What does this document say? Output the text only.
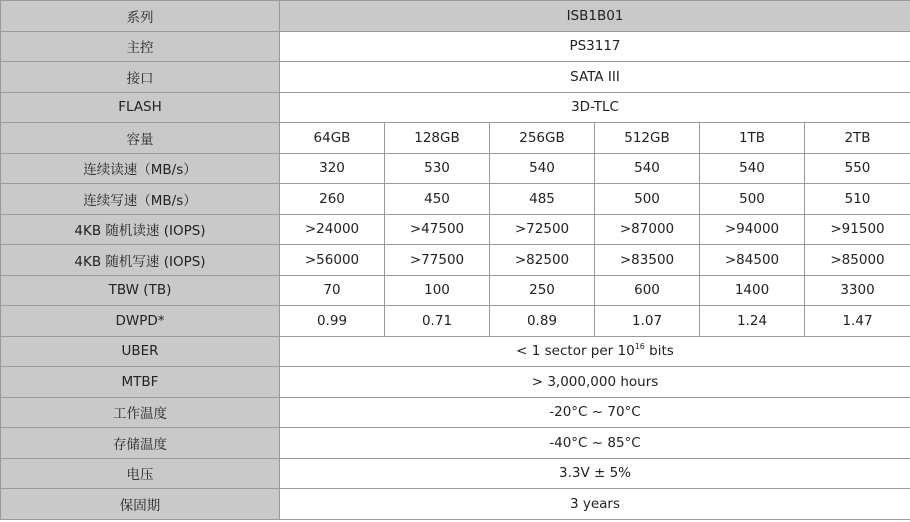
系列	ISB1B01					
主控	PS3117					
接口	SATA III					
FLASH	3D-TLC					
容量	64GB	128GB	256GB	512GB	1TB	2TB
连续读速（MB/s）	320	530	540	540	540	550
连续写速（MB/s）	260	450	485	500	500	510
4KB 随机读速 (IOPS)	>24000	>47500	>72500	>87000	>94000	>91500
4KB 随机写速 (IOPS)	>56000	>77500	>82500	>83500	>84500	>85000
TBW (TB)	70	100	250	600	1400	3300
DWPD*	0.99	0.71	0.89	1.07	1.24	1.47
UBER	< 1 sector per $10^{16}$ bits					
MTBF	> 3,000,000 hours					
工作温度	-20°C ~ 70°C					
存储温度	-40°C ~ 85°C					
电压	3.3V ± 5%					
保固期	3 years					
